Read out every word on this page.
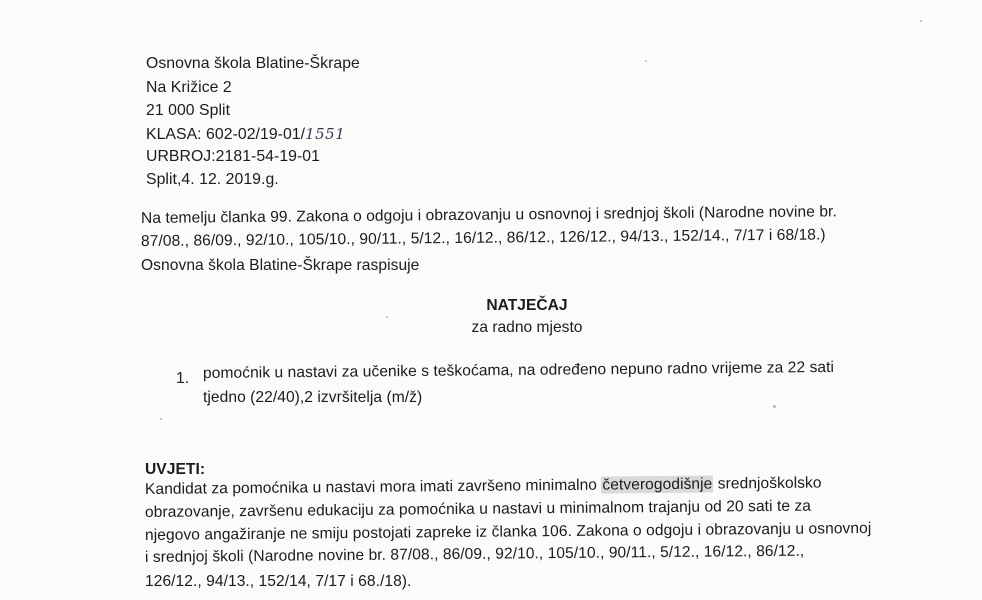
Osnovna škola Blatine-Škrape
Na Križice 2
21 000 Split
KLASA: 602-02/19-01/1551
URBROJ:2181-54-19-01
Split,4. 12. 2019.g.
Na temelju članka 99. Zakona o odgoju i obrazovanju u osnovnoj i srednjoj školi (Narodne novine br.
87/08., 86/09., 92/10., 105/10., 90/11., 5/12., 16/12., 86/12., 126/12., 94/13., 152/14., 7/17 i 68/18.)
Osnovna škola Blatine-Škrape raspisuje
NATJEČAJ
za radno mjesto
1. pomoćnik u nastavi za učenike s teškoćama, na određeno nepuno radno vrijeme za 22 sati
tjedno (22/40),2 izvršitelja (m/ž)
UVJETI:
Kandidat za pomoćnika u nastavi mora imati završeno minimalno četverogodišnje srednjoškolsko
obrazovanje, završenu edukaciju za pomoćnika u nastavi u minimalnom trajanju od 20 sati te za
njegovo angažiranje ne smiju postojati zapreke iz članka 106. Zakona o odgoju i obrazovanju u osnovnoj
i srednjoj školi (Narodne novine br. 87/08., 86/09., 92/10., 105/10., 90/11., 5/12., 16/12., 86/12.,
126/12., 94/13., 152/14, 7/17 i 68./18).
